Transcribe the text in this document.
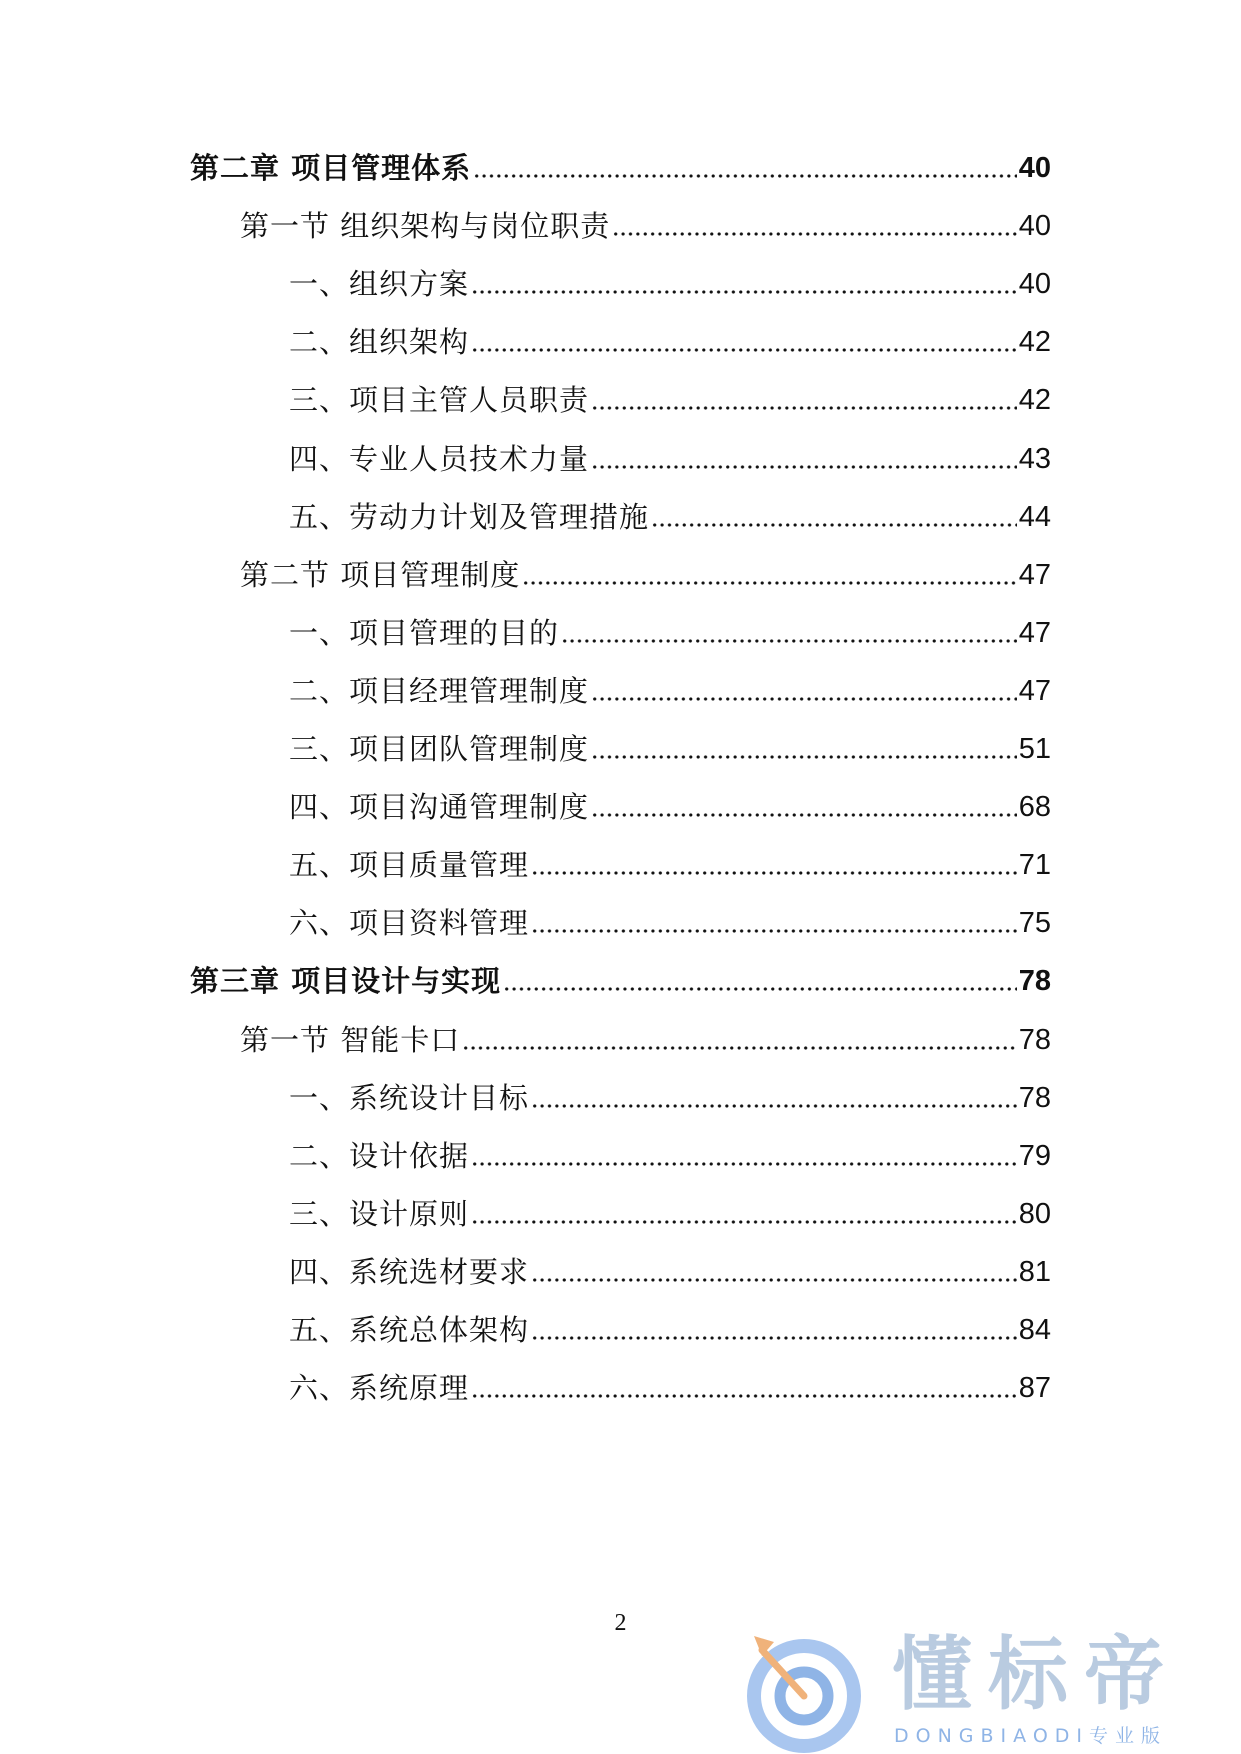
第二章 项目管理体系	40
第一节 组织架构与岗位职责	40
一、组织方案	40
二、组织架构	42
三、项目主管人员职责	42
四、专业人员技术力量	43
五、劳动力计划及管理措施	44
第二节 项目管理制度	47
一、项目管理的目的	47
二、项目经理管理制度	47
三、项目团队管理制度	51
四、项目沟通管理制度	68
五、项目质量管理	71
六、项目资料管理	75
第三章 项目设计与实现	78
第一节 智能卡口	78
一、系统设计目标	78
二、设计依据	79
三、设计原则	80
四、系统选材要求	81
五、系统总体架构	84
六、系统原理	87
2
懂标帝
DONGBIAODI专业版
